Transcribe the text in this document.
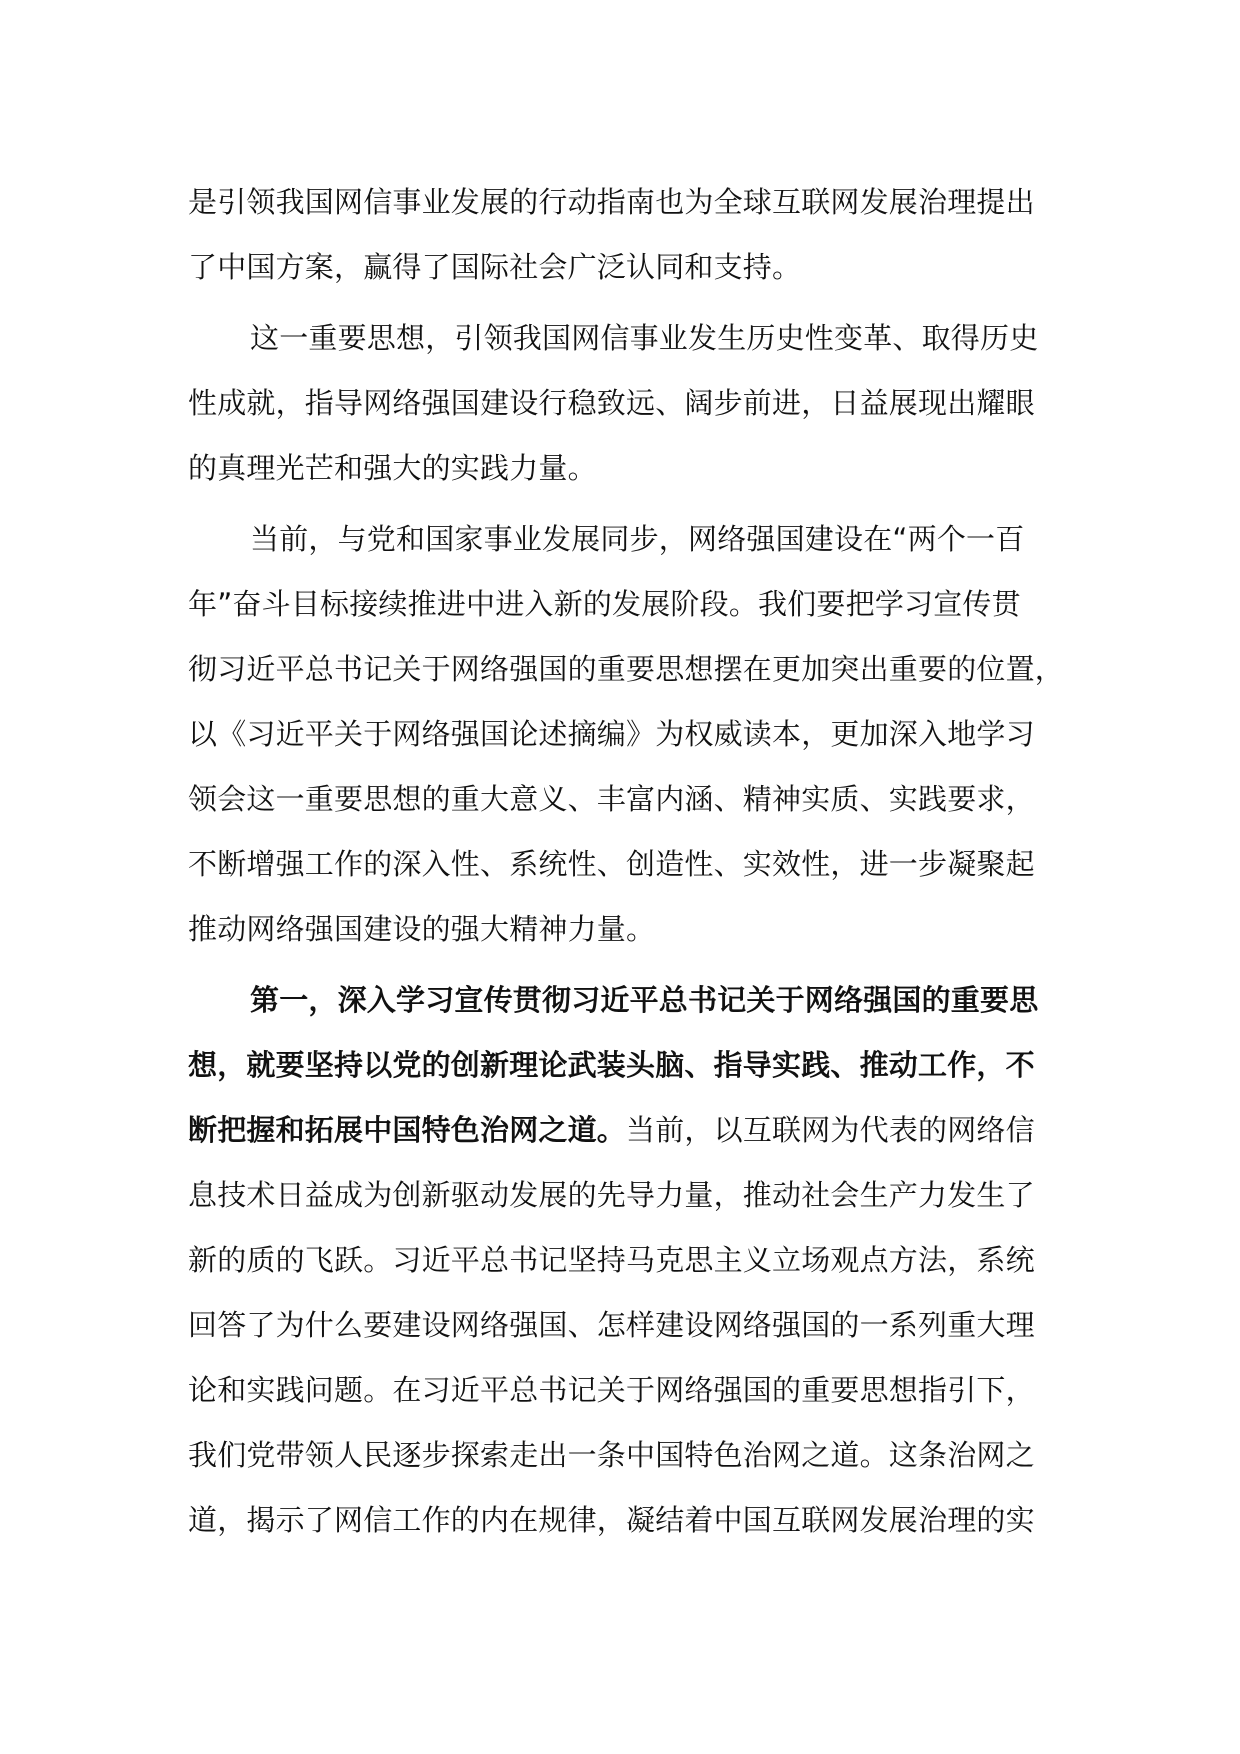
是引领我国网信事业发展的行动指南也为全球互联网发展治理提出
了中国方案，赢得了国际社会广泛认同和支持。
这一重要思想，引领我国网信事业发生历史性变革、取得历史
性成就，指导网络强国建设行稳致远、阔步前进，日益展现出耀眼
的真理光芒和强大的实践力量。
当前，与党和国家事业发展同步，网络强国建设在“两个一百
年”奋斗目标接续推进中进入新的发展阶段。我们要把学习宣传贯
彻习近平总书记关于网络强国的重要思想摆在更加突出重要的位置，
以《习近平关于网络强国论述摘编》为权威读本，更加深入地学习
领会这一重要思想的重大意义、丰富内涵、精神实质、实践要求，
不断增强工作的深入性、系统性、创造性、实效性，进一步凝聚起
推动网络强国建设的强大精神力量。
第一，深入学习宣传贯彻习近平总书记关于网络强国的重要思
想，就要坚持以党的创新理论武装头脑、指导实践、推动工作，不
断把握和拓展中国特色治网之道。当前，以互联网为代表的网络信
息技术日益成为创新驱动发展的先导力量，推动社会生产力发生了
新的质的飞跃。习近平总书记坚持马克思主义立场观点方法，系统
回答了为什么要建设网络强国、怎样建设网络强国的一系列重大理
论和实践问题。在习近平总书记关于网络强国的重要思想指引下，
我们党带领人民逐步探索走出一条中国特色治网之道。这条治网之
道，揭示了网信工作的内在规律，凝结着中国互联网发展治理的实
